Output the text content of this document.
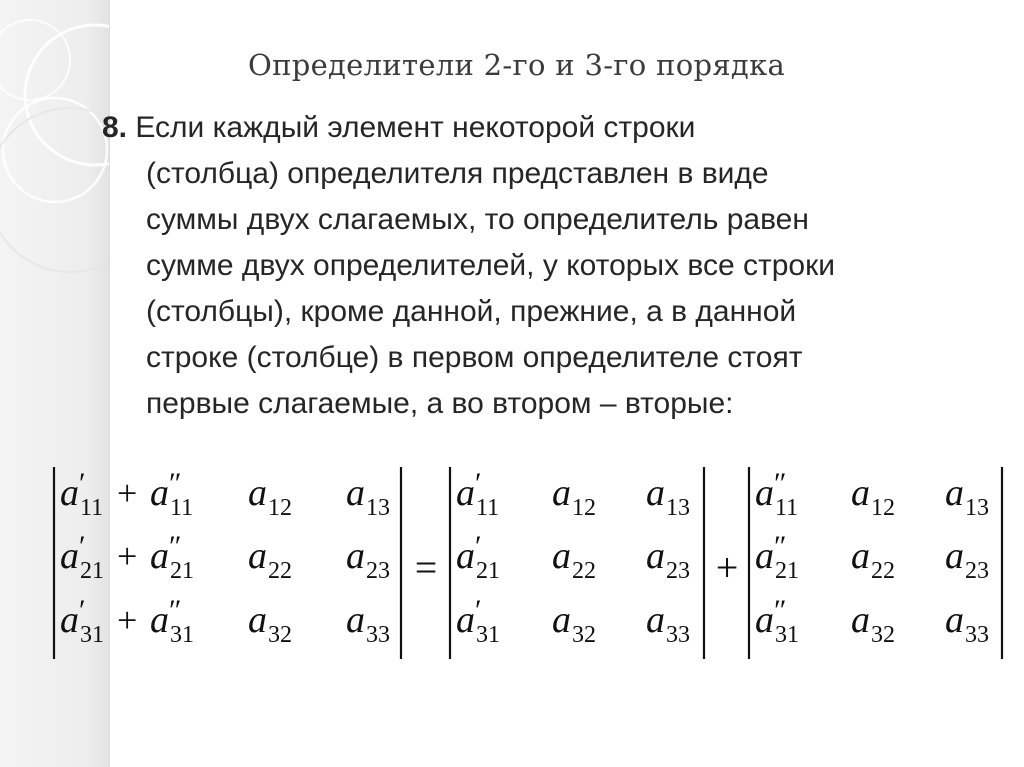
Определители 2-го и 3-го порядка
8. Если каждый элемент некоторой строки
(столбца) определителя представлен в виде
суммы двух слагаемых, то определитель равен
сумме двух определителей, у которых все строки
(столбцы), кроме данной, прежние, а в данной
строке (столбце) в первом определителе стоят
первые слагаемые, а во втором – вторые:
a ′
11 + a ″
11 a 12 a 13
a ′
21 + a ″
21 a 22 a 23
a ′
31 + a ″
31 a 32 a 33
=
a ′
11 a 12 a 13
a ′
21 a 22 a 23
a ′
31 a 32 a 33
+
a ″
11 a 12 a 13
a ″
21 a 22 a 23
a ″
31 a 32 a 33
